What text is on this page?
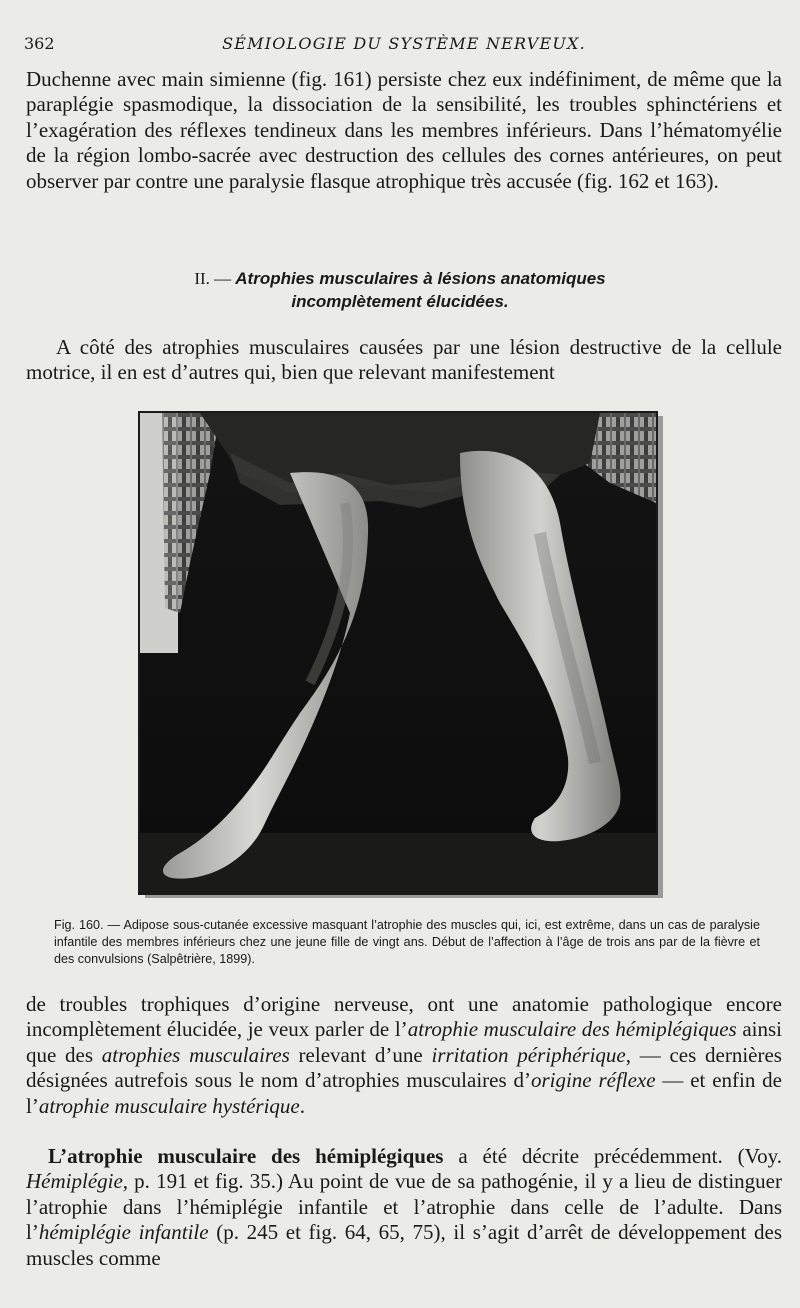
362	SÉMIOLOGIE DU SYSTÈME NERVEUX.

Duchenne avec main simienne (fig. 161) persiste chez eux indéfiniment, de même que la paraplégie spasmodique, la dissociation de la sensibilité, les troubles sphinctériens et l’exagération des réflexes tendineux dans les membres inférieurs. Dans l’hématomyélie de la région lombo-sacrée avec destruction des cellules des cornes antérieures, on peut observer par contre une paralysie flasque atrophique très accusée (fig. 162 et 163).

II. — Atrophies musculaires à lésions anatomiques
incomplètement élucidées.

A côté des atrophies musculaires causées par une lésion destructive de la cellule motrice, il en est d’autres qui, bien que relevant manifestement

Fig. 160. — Adipose sous-cutanée excessive masquant l’atrophie des muscles qui, ici, est extrême, dans un cas de paralysie infantile des membres inférieurs chez une jeune fille de vingt ans. Début de l’affection à l’âge de trois ans par de la fièvre et des convulsions (Salpêtrière, 1899).

de troubles trophiques d’origine nerveuse, ont une anatomie pathologique encore incomplètement élucidée, je veux parler de l’atrophie musculaire des hémiplégiques ainsi que des atrophies musculaires relevant d’une irritation périphérique, — ces dernières désignées autrefois sous le nom d’atrophies musculaires d’origine réflexe — et enfin de l’atrophie musculaire hystérique.

L’atrophie musculaire des hémiplégiques a été décrite précédemment. (Voy. Hémiplégie, p. 191 et fig. 35.) Au point de vue de sa pathogénie, il y a lieu de distinguer l’atrophie dans l’hémiplégie infantile et l’atrophie dans celle de l’adulte. Dans l’hémiplégie infantile (p. 245 et fig. 64, 65, 75), il s’agit d’arrêt de développement des muscles comme
